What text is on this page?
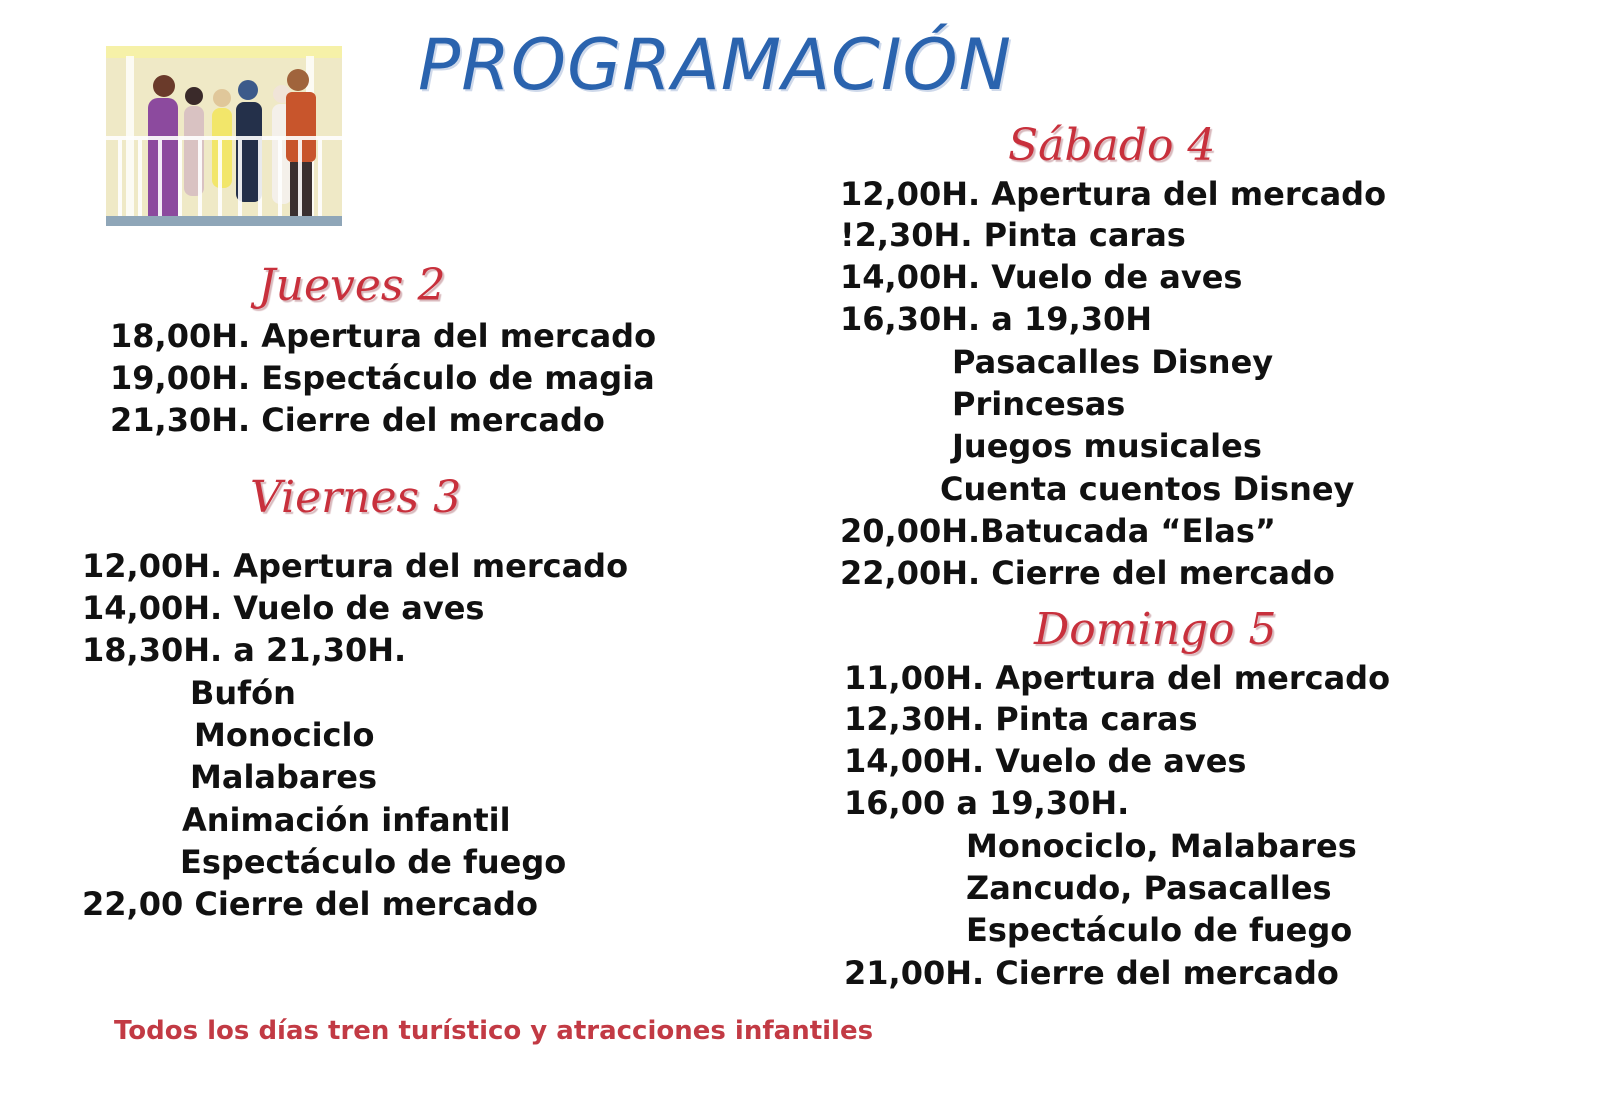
PROGRAMACIÓN
Jueves 2
18,00H. Apertura del mercado
19,00H. Espectáculo de magia
21,30H. Cierre del mercado
Viernes 3
12,00H. Apertura del mercado
14,00H. Vuelo de aves
18,30H. a 21,30H.
Bufón
Monociclo
Malabares
Animación infantil
Espectáculo de fuego
22,00 Cierre del mercado
Sábado 4
12,00H. Apertura del mercado
!2,30H. Pinta caras
14,00H. Vuelo de aves
16,30H. a 19,30H
Pasacalles Disney
Princesas
Juegos musicales
Cuenta cuentos Disney
20,00H.Batucada “Elas”
22,00H. Cierre del mercado
Domingo 5
11,00H. Apertura del mercado
12,30H. Pinta caras
14,00H. Vuelo de aves
16,00 a 19,30H.
Monociclo, Malabares
Zancudo, Pasacalles
Espectáculo de fuego
21,00H. Cierre del mercado
Todos los días tren turístico y atracciones infantiles
